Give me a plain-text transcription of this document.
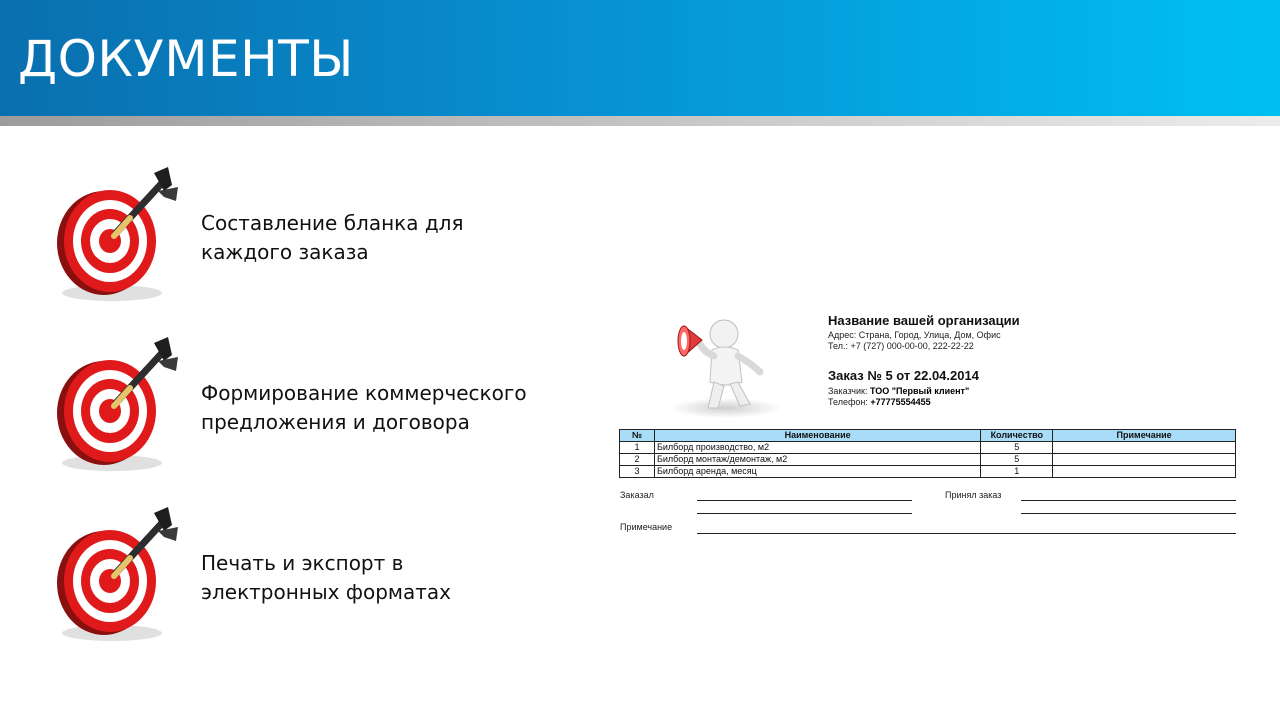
ДОКУМЕНТЫ
Составление бланка для
каждого заказа
Формирование коммерческого
предложения и договора
Печать и экспорт в
электронных форматах
Название вашей организации
Адрес: Страна, Город, Улица, Дом, Офис
Тел.: +7 (727) 000-00-00, 222-22-22
Заказ № 5 от 22.04.2014
Заказчик: ТОО "Первый клиент"
Телефон: +77775554455
№	Наименование	Количество	Примечание
1	Билборд производство, м2	5	
2	Билборд монтаж/демонтаж, м2	5	
3	Билборд аренда, месяц	1	
Заказал	Принял заказ
Примечание
